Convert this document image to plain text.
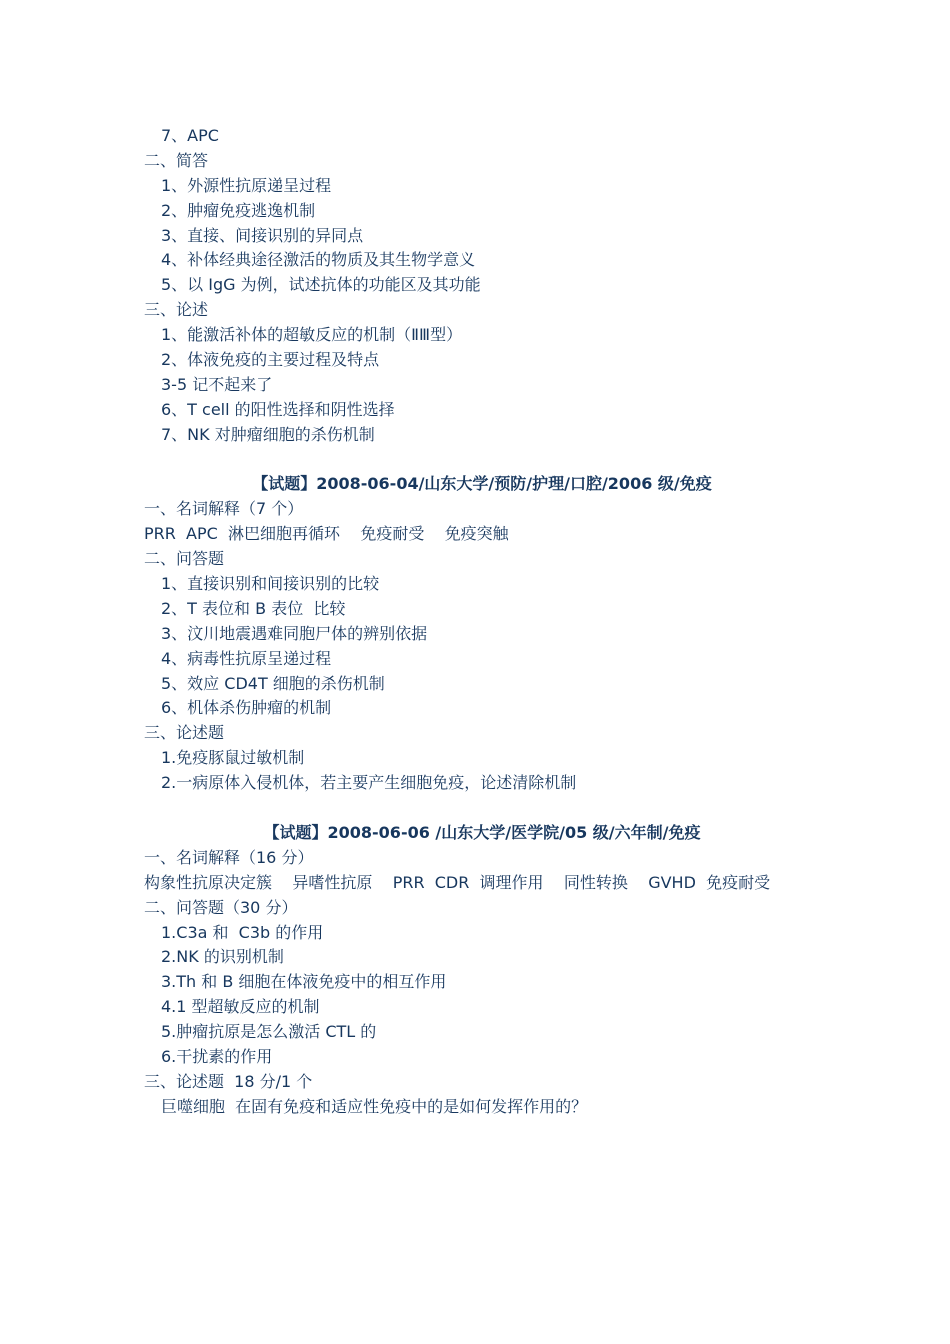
7、APC
二、简答
1、外源性抗原递呈过程
2、肿瘤免疫逃逸机制
3、直接、间接识别的异同点
4、补体经典途径激活的物质及其生物学意义
5、以 IgG 为例，试述抗体的功能区及其功能
三、论述
1、能激活补体的超敏反应的机制（ⅡⅢ型）
2、体液免疫的主要过程及特点
3-5 记不起来了
6、T cell 的阳性选择和阴性选择
7、NK 对肿瘤细胞的杀伤机制
【试题】2008-06-04/山东大学/预防/护理/口腔/2006 级/免疫
一、名词解释（7 个）
PRR  APC  淋巴细胞再循环    免疫耐受    免疫突触
二、问答题
1、直接识别和间接识别的比较
2、T 表位和 B 表位  比较
3、汶川地震遇难同胞尸体的辨别依据
4、病毒性抗原呈递过程
5、效应 CD4T 细胞的杀伤机制
6、机体杀伤肿瘤的机制
三、论述题
1.免疫豚鼠过敏机制
2.一病原体入侵机体，若主要产生细胞免疫，论述清除机制
【试题】2008-06-06 /山东大学/医学院/05 级/六年制/免疫
一、名词解释（16 分）
构象性抗原决定簇    异嗜性抗原    PRR  CDR  调理作用    同性转换    GVHD  免疫耐受
二、问答题（30 分）
1.C3a 和  C3b 的作用
2.NK 的识别机制
3.Th 和 B 细胞在体液免疫中的相互作用
4.1 型超敏反应的机制
5.肿瘤抗原是怎么激活 CTL 的
6.干扰素的作用
三、论述题  18 分/1 个
巨噬细胞  在固有免疫和适应性免疫中的是如何发挥作用的？
